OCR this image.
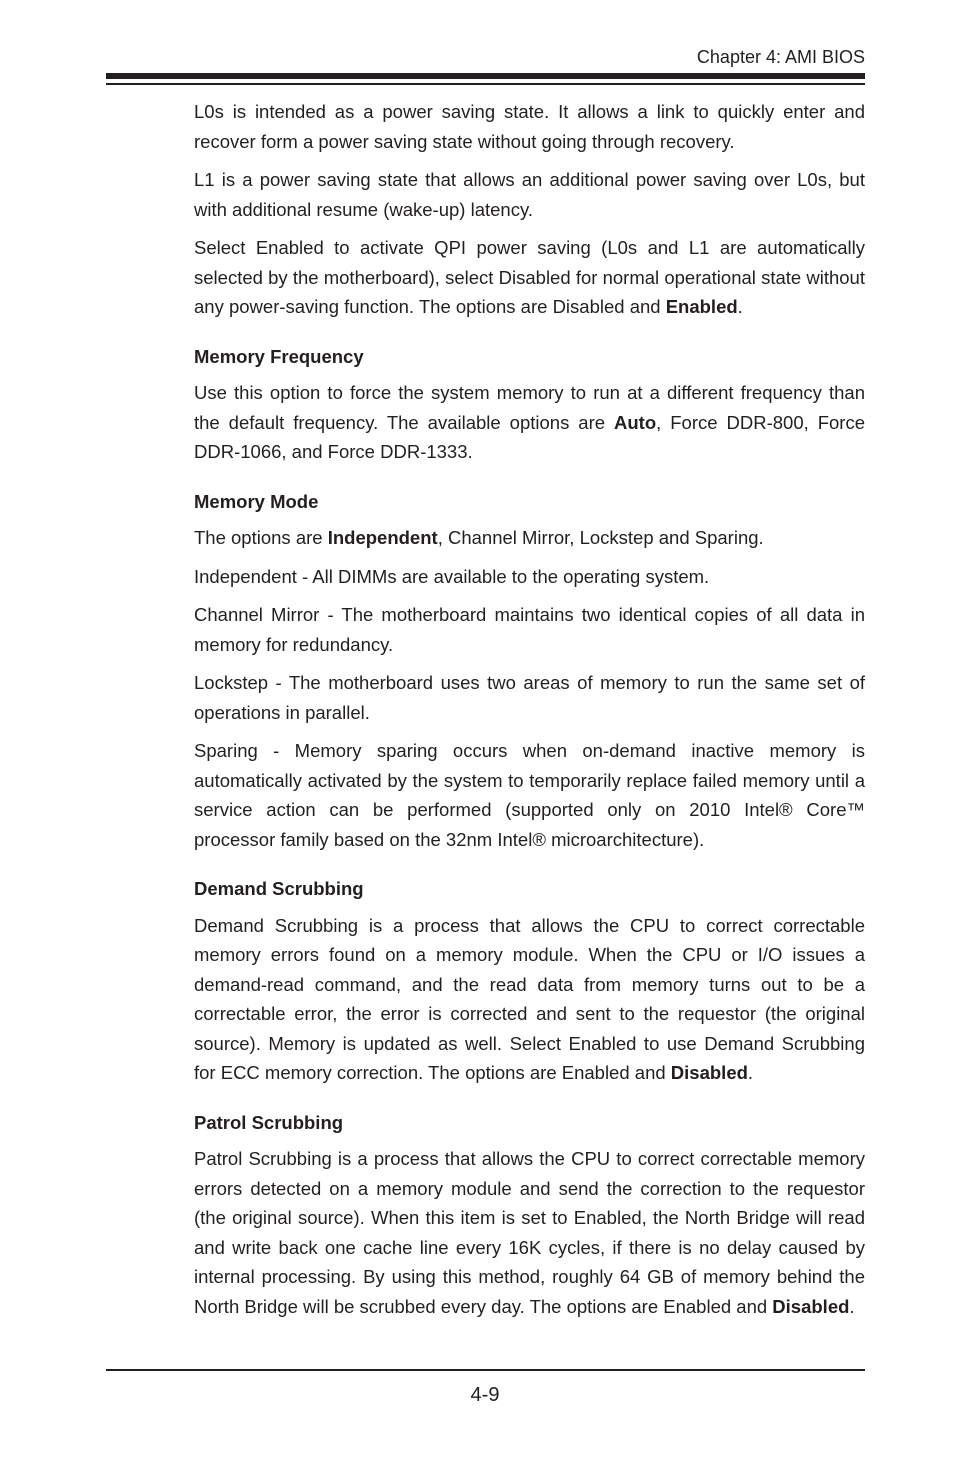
Chapter 4: AMI BIOS

L0s is intended as a power saving state. It allows a link to quickly enter and recover form a power saving state without going through recovery.

L1 is a power saving state that allows an additional power saving over L0s, but with additional resume (wake-up) latency.

Select Enabled to activate QPI power saving (L0s and L1 are automatically selected by the motherboard), select Disabled for normal operational state without any power-saving function. The options are Disabled and Enabled.

Memory Frequency

Use this option to force the system memory to run at a different frequency than the default frequency. The available options are Auto, Force DDR-800, Force DDR-1066, and Force DDR-1333.

Memory Mode

The options are Independent, Channel Mirror, Lockstep and Sparing.

Independent - All DIMMs are available to the operating system.

Channel Mirror - The motherboard maintains two identical copies of all data in memory for redundancy.

Lockstep - The motherboard uses two areas of memory to run the same set of operations in parallel.

Sparing - Memory sparing occurs when on-demand inactive memory is automatically activated by the system to temporarily replace failed memory until a service action can be performed (supported only on 2010 Intel® Core™ processor family based on the 32nm Intel® microarchitecture).

Demand Scrubbing

Demand Scrubbing is a process that allows the CPU to correct correctable memory errors found on a memory module. When the CPU or I/O issues a demand-read command, and the read data from memory turns out to be a correctable error, the error is corrected and sent to the requestor (the original source). Memory is updated as well. Select Enabled to use Demand Scrubbing for ECC memory correction. The options are Enabled and Disabled.

Patrol Scrubbing

Patrol Scrubbing is a process that allows the CPU to correct correctable memory errors detected on a memory module and send the correction to the requestor (the original source). When this item is set to Enabled, the North Bridge will read and write back one cache line every 16K cycles, if there is no delay caused by internal processing. By using this method, roughly 64 GB of memory behind the North Bridge will be scrubbed every day. The options are Enabled and Disabled.

4-9
